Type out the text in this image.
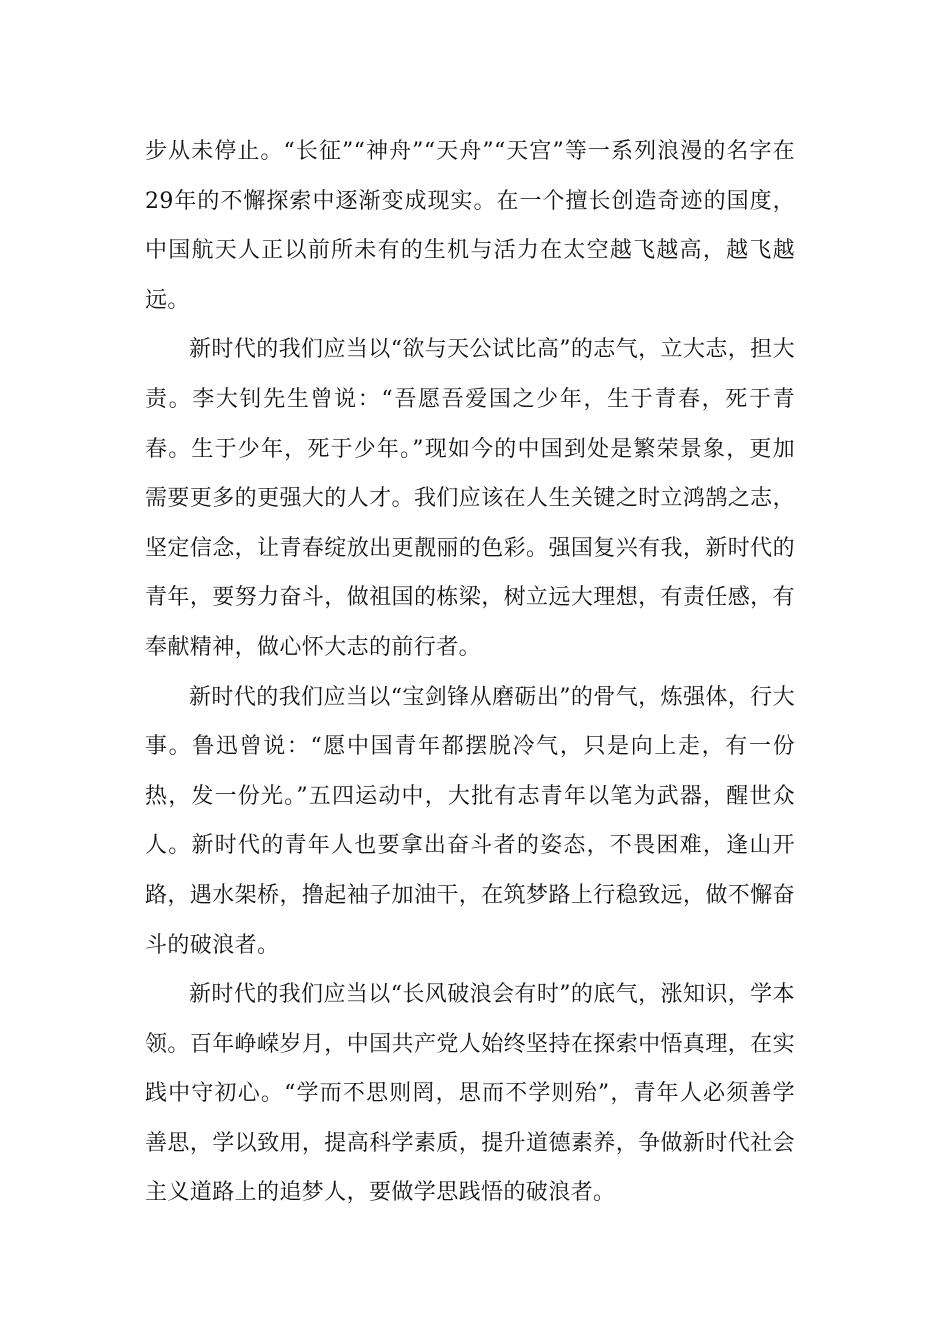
步从未停止。“长征”“神舟”“天舟”“天宫”等一系列浪漫的名字在29年的不懈探索中逐渐变成现实。在一个擅长创造奇迹的国度，中国航天人正以前所未有的生机与活力在太空越飞越高，越飞越远。

新时代的我们应当以“欲与天公试比高”的志气，立大志，担大责。李大钊先生曾说：“吾愿吾爱国之少年，生于青春，死于青春。生于少年，死于少年。”现如今的中国到处是繁荣景象，更加需要更多的更强大的人才。我们应该在人生关键之时立鸿鹄之志，坚定信念，让青春绽放出更靓丽的色彩。强国复兴有我，新时代的青年，要努力奋斗，做祖国的栋梁，树立远大理想，有责任感，有奉献精神，做心怀大志的前行者。

新时代的我们应当以“宝剑锋从磨砺出”的骨气，炼强体，行大事。鲁迅曾说：“愿中国青年都摆脱冷气，只是向上走，有一份热，发一份光。”五四运动中，大批有志青年以笔为武器，醒世众人。新时代的青年人也要拿出奋斗者的姿态，不畏困难，逢山开路，遇水架桥，撸起袖子加油干，在筑梦路上行稳致远，做不懈奋斗的破浪者。

新时代的我们应当以“长风破浪会有时”的底气，涨知识，学本领。百年峥嵘岁月，中国共产党人始终坚持在探索中悟真理，在实践中守初心。“学而不思则罔，思而不学则殆”，青年人必须善学善思，学以致用，提高科学素质，提升道德素养，争做新时代社会主义道路上的追梦人，要做学思践悟的破浪者。
